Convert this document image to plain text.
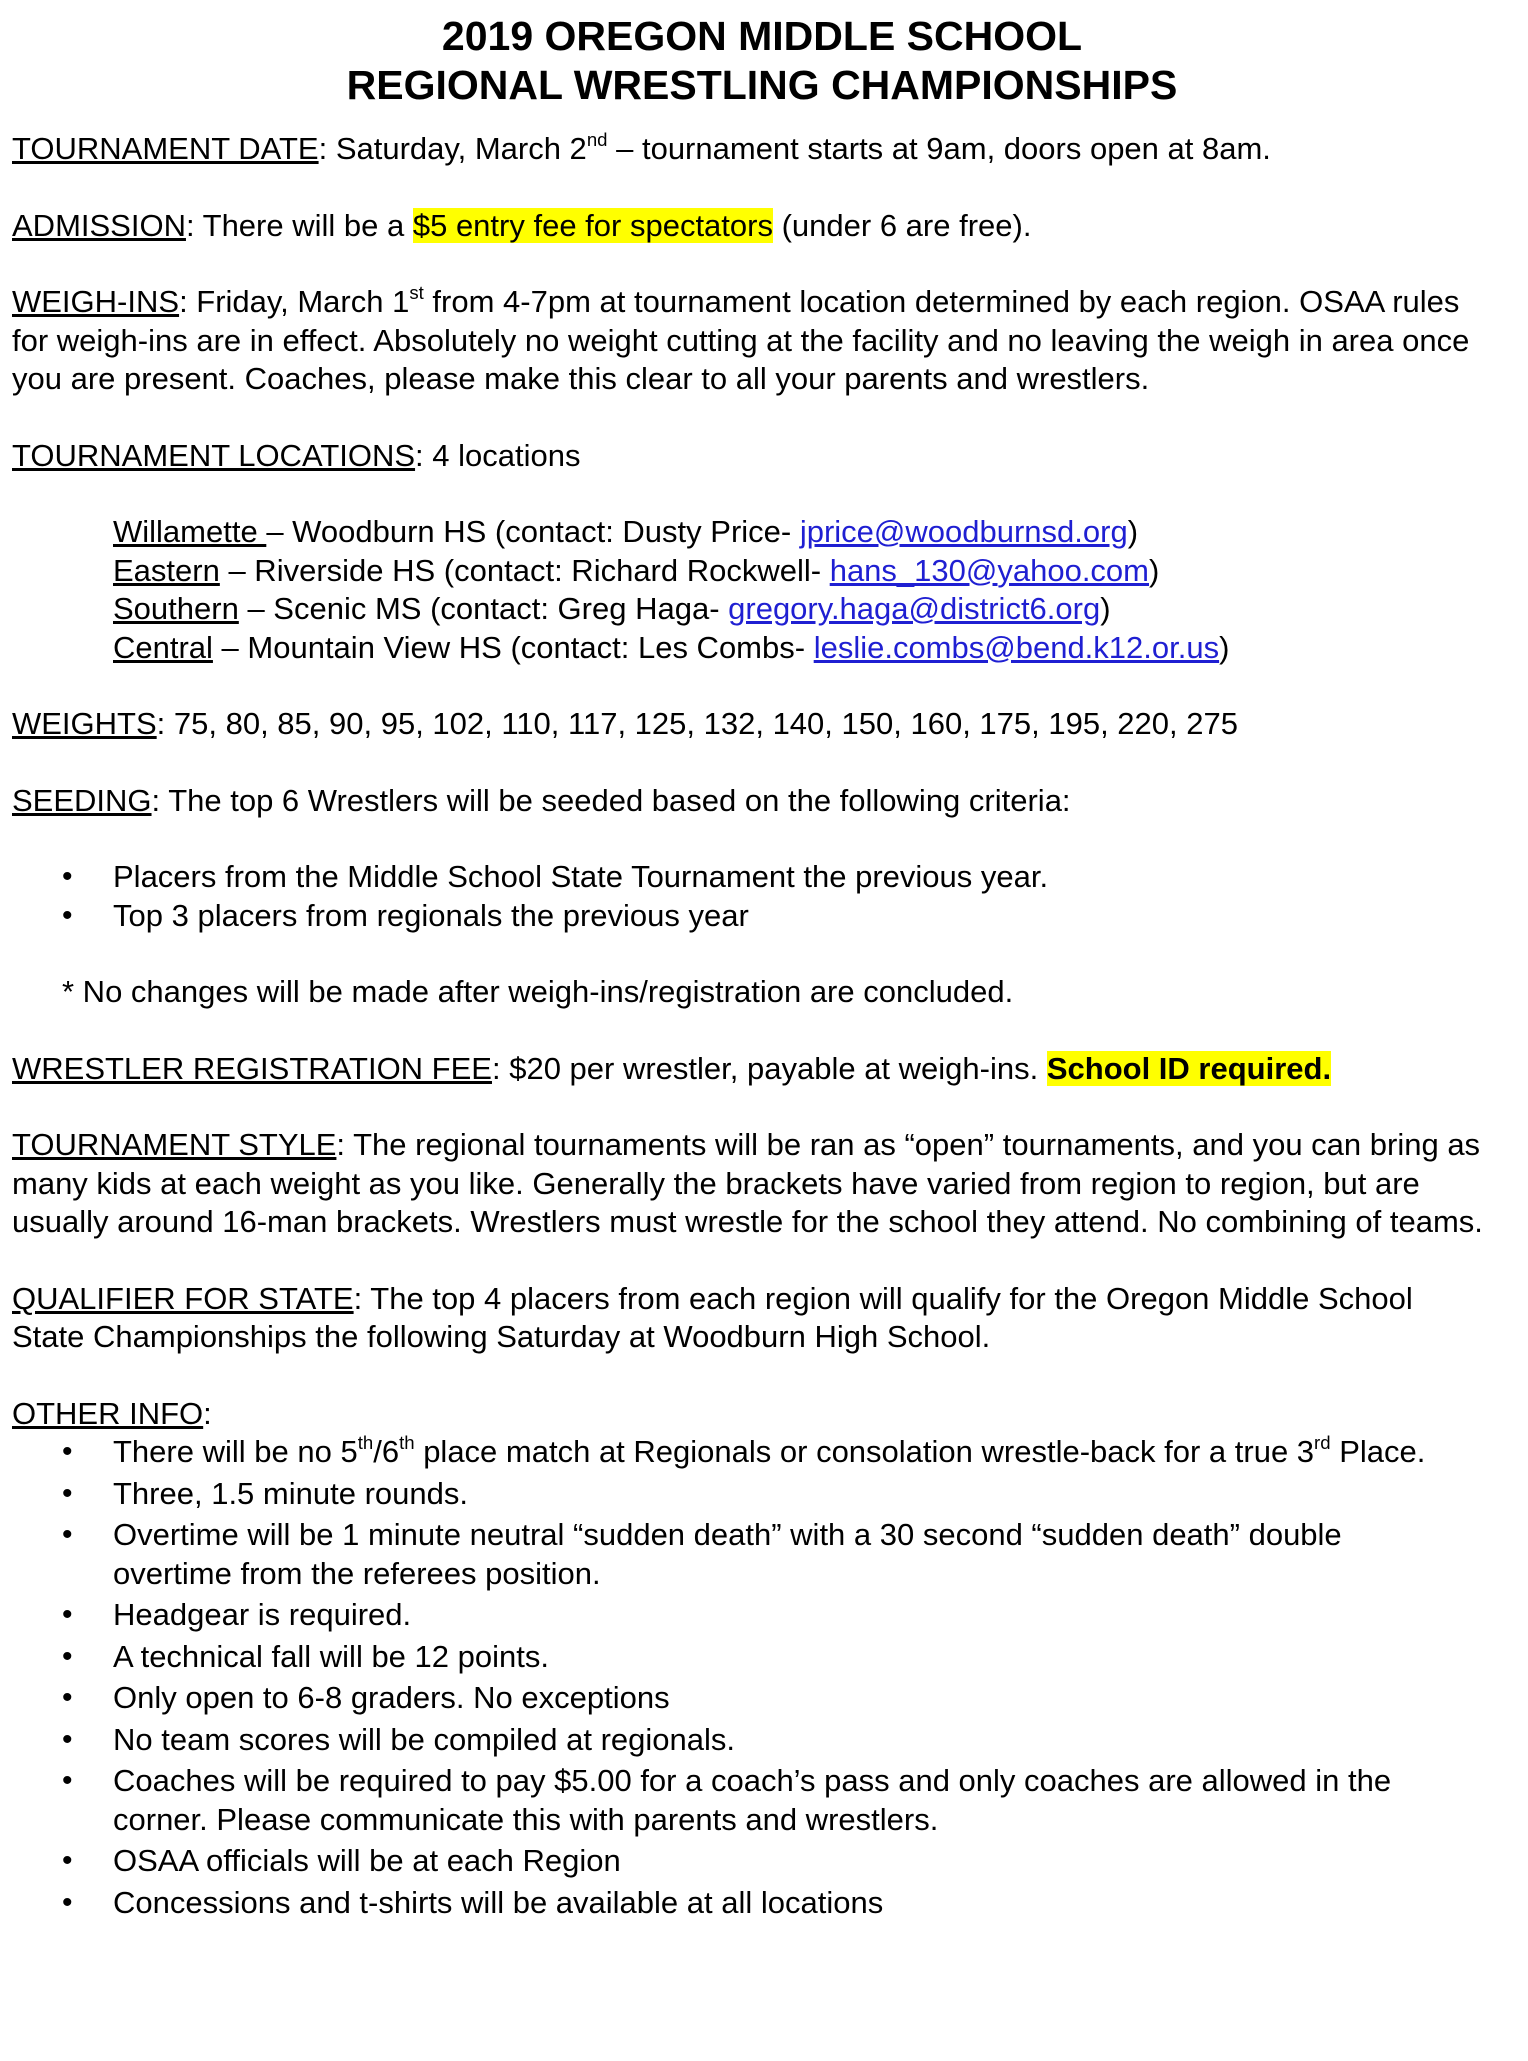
2019 OREGON MIDDLE SCHOOL
REGIONAL WRESTLING CHAMPIONSHIPS

TOURNAMENT DATE: Saturday, March 2nd – tournament starts at 9am, doors open at 8am.

ADMISSION: There will be a $5 entry fee for spectators (under 6 are free).

WEIGH-INS: Friday, March 1st from 4-7pm at tournament location determined by each region. OSAA rules for weigh-ins are in effect. Absolutely no weight cutting at the facility and no leaving the weigh in area once you are present. Coaches, please make this clear to all your parents and wrestlers.

TOURNAMENT LOCATIONS: 4 locations

Willamette – Woodburn HS (contact: Dusty Price- jprice@woodburnsd.org)
Eastern – Riverside HS (contact: Richard Rockwell- hans_130@yahoo.com)
Southern – Scenic MS (contact: Greg Haga- gregory.haga@district6.org)
Central – Mountain View HS (contact: Les Combs- leslie.combs@bend.k12.or.us)

WEIGHTS: 75, 80, 85, 90, 95, 102, 110, 117, 125, 132, 140, 150, 160, 175, 195, 220, 275

SEEDING: The top 6 Wrestlers will be seeded based on the following criteria:

• Placers from the Middle School State Tournament the previous year.
• Top 3 placers from regionals the previous year

* No changes will be made after weigh-ins/registration are concluded.

WRESTLER REGISTRATION FEE: $20 per wrestler, payable at weigh-ins. School ID required.

TOURNAMENT STYLE: The regional tournaments will be ran as “open” tournaments, and you can bring as many kids at each weight as you like. Generally the brackets have varied from region to region, but are usually around 16-man brackets. Wrestlers must wrestle for the school they attend. No combining of teams.

QUALIFIER FOR STATE: The top 4 placers from each region will qualify for the Oregon Middle School State Championships the following Saturday at Woodburn High School.

OTHER INFO:

• There will be no 5th/6th place match at Regionals or consolation wrestle-back for a true 3rd Place.
• Three, 1.5 minute rounds.
• Overtime will be 1 minute neutral “sudden death” with a 30 second “sudden death” double overtime from the referees position.
• Headgear is required.
• A technical fall will be 12 points.
• Only open to 6-8 graders. No exceptions
• No team scores will be compiled at regionals.
• Coaches will be required to pay $5.00 for a coach’s pass and only coaches are allowed in the corner. Please communicate this with parents and wrestlers.
• OSAA officials will be at each Region
• Concessions and t-shirts will be available at all locations
